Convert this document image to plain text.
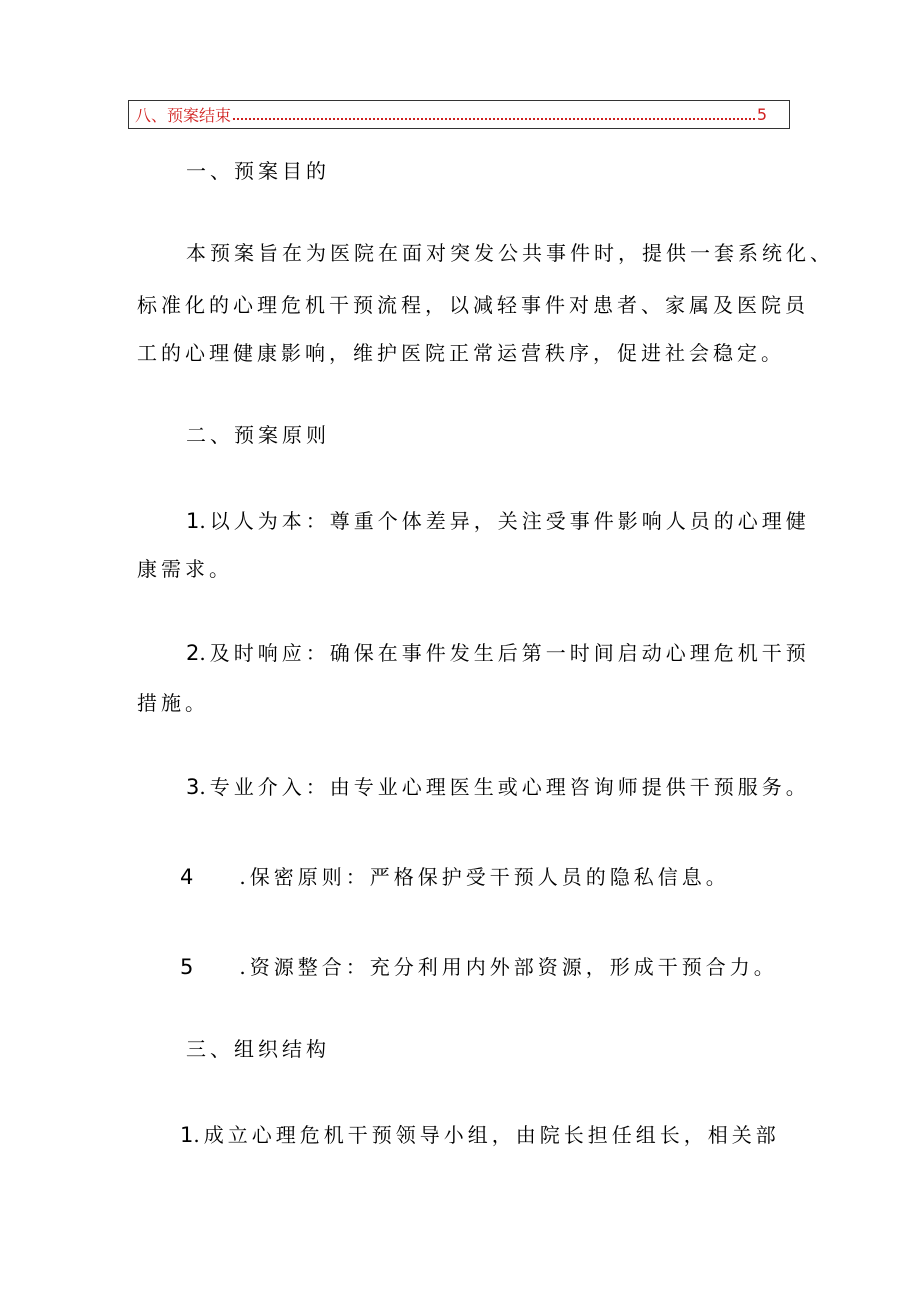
八、预案结束	5
一、预案目的
本预案旨在为医院在面对突发公共事件时，提供一套系统化、
标准化的心理危机干预流程，以减轻事件对患者、家属及医院员
工的心理健康影响，维护医院正常运营秩序，促进社会稳定。
二、预案原则
1.以人为本：尊重个体差异，关注受事件影响人员的心理健
康需求。
2.及时响应：确保在事件发生后第一时间启动心理危机干预
措施。
3.专业介入：由专业心理医生或心理咨询师提供干预服务。
4 .保密原则：严格保护受干预人员的隐私信息。
5 .资源整合：充分利用内外部资源，形成干预合力。
三、组织结构
1.成立心理危机干预领导小组，由院长担任组长，相关部
